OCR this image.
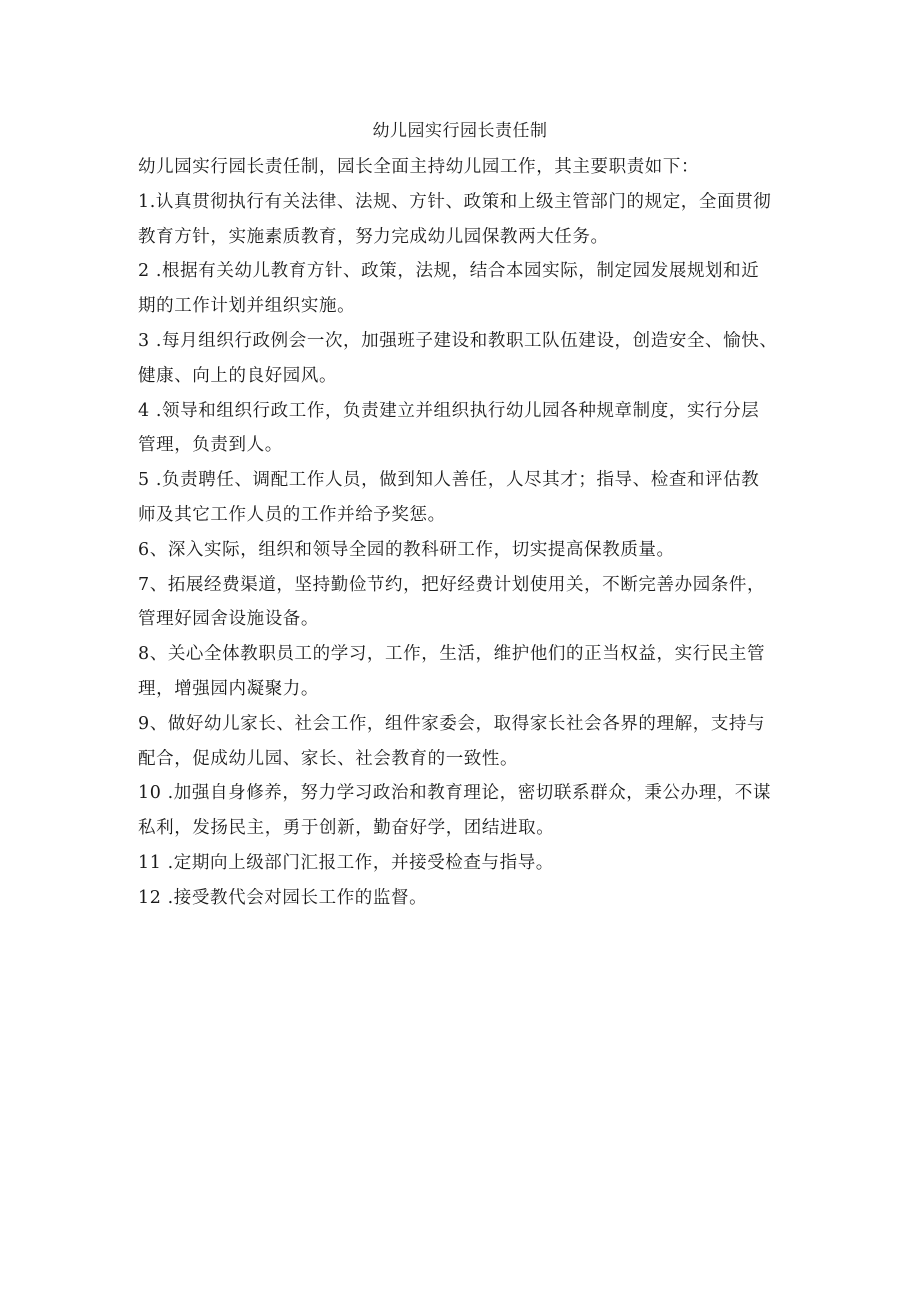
幼儿园实行园长责任制
幼儿园实行园长责任制，园长全面主持幼儿园工作，其主要职责如下：
1.认真贯彻执行有关法律、法规、方针、政策和上级主管部门的规定，全面贯彻
教育方针，实施素质教育，努力完成幼儿园保教两大任务。
2 .根据有关幼儿教育方针、政策，法规，结合本园实际，制定园发展规划和近
期的工作计划并组织实施。
3 .每月组织行政例会一次，加强班子建设和教职工队伍建设，创造安全、愉快、
健康、向上的良好园风。
4 .领导和组织行政工作，负责建立并组织执行幼儿园各种规章制度，实行分层
管理，负责到人。
5 .负责聘任、调配工作人员，做到知人善任，人尽其才；指导、检查和评估教
师及其它工作人员的工作并给予奖惩。
6、深入实际，组织和领导全园的教科研工作，切实提高保教质量。
7、拓展经费渠道，坚持勤俭节约，把好经费计划使用关，不断完善办园条件，
管理好园舍设施设备。
8、关心全体教职员工的学习，工作，生活，维护他们的正当权益，实行民主管
理，增强园内凝聚力。
9、做好幼儿家长、社会工作，组件家委会，取得家长社会各界的理解，支持与
配合，促成幼儿园、家长、社会教育的一致性。
10 .加强自身修养，努力学习政治和教育理论，密切联系群众，秉公办理，不谋
私利，发扬民主，勇于创新，勤奋好学，团结进取。
11 .定期向上级部门汇报工作，并接受检查与指导。
12 .接受教代会对园长工作的监督。
